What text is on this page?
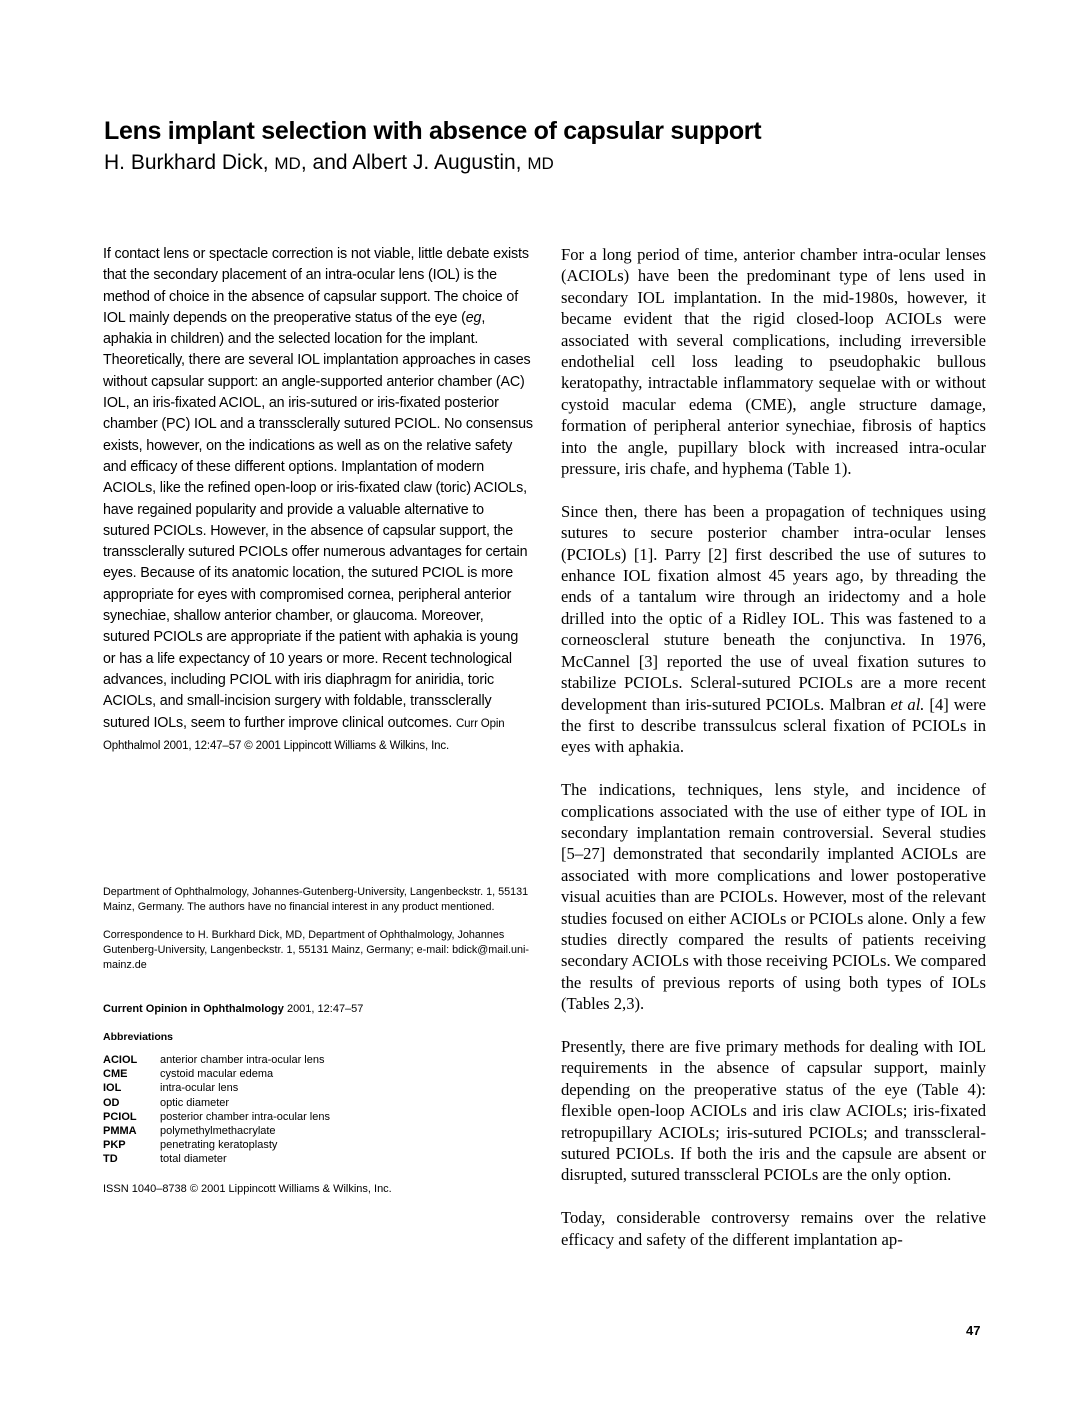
Lens implant selection with absence of capsular support
H. Burkhard Dick, MD, and Albert J. Augustin, MD

If contact lens or spectacle correction is not viable, little debate exists that the secondary placement of an intra-ocular lens (IOL) is the method of choice in the absence of capsular support. The choice of IOL mainly depends on the preoperative status of the eye (eg, aphakia in children) and the selected location for the implant. Theoretically, there are several IOL implantation approaches in cases without capsular support: an angle-supported anterior chamber (AC) IOL, an iris-fixated ACIOL, an iris-sutured or iris-fixated posterior chamber (PC) IOL and a transsclerally sutured PCIOL. No consensus exists, however, on the indications as well as on the relative safety and efficacy of these different options. Implantation of modern ACIOLs, like the refined open-loop or iris-fixated claw (toric) ACIOLs, have regained popularity and provide a valuable alternative to sutured PCIOLs. However, in the absence of capsular support, the transsclerally sutured PCIOLs offer numerous advantages for certain eyes. Because of its anatomic location, the sutured PCIOL is more appropriate for eyes with compromised cornea, peripheral anterior synechiae, shallow anterior chamber, or glaucoma. Moreover, sutured PCIOLs are appropriate if the patient with aphakia is young or has a life expectancy of 10 years or more. Recent technological advances, including PCIOL with iris diaphragm for aniridia, toric ACIOLs, and small-incision surgery with foldable, transsclerally sutured IOLs, seem to further improve clinical outcomes. Curr Opin Ophthalmol 2001, 12:47–57 © 2001 Lippincott Williams & Wilkins, Inc.

Department of Ophthalmology, Johannes-Gutenberg-University, Langenbeckstr. 1, 55131 Mainz, Germany. The authors have no financial interest in any product mentioned.

Correspondence to H. Burkhard Dick, MD, Department of Ophthalmology, Johannes Gutenberg-University, Langenbeckstr. 1, 55131 Mainz, Germany; e-mail: bdick@mail.uni-mainz.de

Current Opinion in Ophthalmology 2001, 12:47–57
Abbreviations
ACIOL	anterior chamber intra-ocular lens
CME	cystoid macular edema
IOL	intra-ocular lens
OD	optic diameter
PCIOL	posterior chamber intra-ocular lens
PMMA	polymethylmethacrylate
PKP	penetrating keratoplasty
TD	total diameter
ISSN 1040–8738 © 2001 Lippincott Williams & Wilkins, Inc.

For a long period of time, anterior chamber intra-ocular lenses (ACIOLs) have been the predominant type of lens used in secondary IOL implantation. In the mid-1980s, however, it became evident that the rigid closed-loop ACIOLs were associated with several complications, including irreversible endothelial cell loss leading to pseudophakic bullous keratopathy, intractable inflammatory sequelae with or without cystoid macular edema (CME), angle structure damage, formation of peripheral anterior synechiae, fibrosis of haptics into the angle, pupillary block with increased intra-ocular pressure, iris chafe, and hyphema (Table 1).

Since then, there has been a propagation of techniques using sutures to secure posterior chamber intra-ocular lenses (PCIOLs) [1]. Parry [2] first described the use of sutures to enhance IOL fixation almost 45 years ago, by threading the ends of a tantalum wire through an iridectomy and a hole drilled into the optic of a Ridley IOL. This was fastened to a corneoscleral stuture beneath the conjunctiva. In 1976, McCannel [3] reported the use of uveal fixation sutures to stabilize PCIOLs. Scleral-sutured PCIOLs are a more recent development than iris-sutured PCIOLs. Malbran et al. [4] were the first to describe transsulcus scleral fixation of PCIOLs in eyes with aphakia.

The indications, techniques, lens style, and incidence of complications associated with the use of either type of IOL in secondary implantation remain controversial. Several studies [5–27] demonstrated that secondarily implanted ACIOLs are associated with more complications and lower postoperative visual acuities than are PCIOLs. However, most of the relevant studies focused on either ACIOLs or PCIOLs alone. Only a few studies directly compared the results of patients receiving secondary ACIOLs with those receiving PCIOLs. We compared the results of previous reports of using both types of IOLs (Tables 2,3).

Presently, there are five primary methods for dealing with IOL requirements in the absence of capsular support, mainly depending on the preoperative status of the eye (Table 4): flexible open-loop ACIOLs and iris claw ACIOLs; iris-fixated retropupillary ACIOLs; iris-sutured PCIOLs; and transscleral-sutured PCIOLs. If both the iris and the capsule are absent or disrupted, sutured transscleral PCIOLs are the only option.

Today, considerable controversy remains over the relative efficacy and safety of the different implantation ap-

47
